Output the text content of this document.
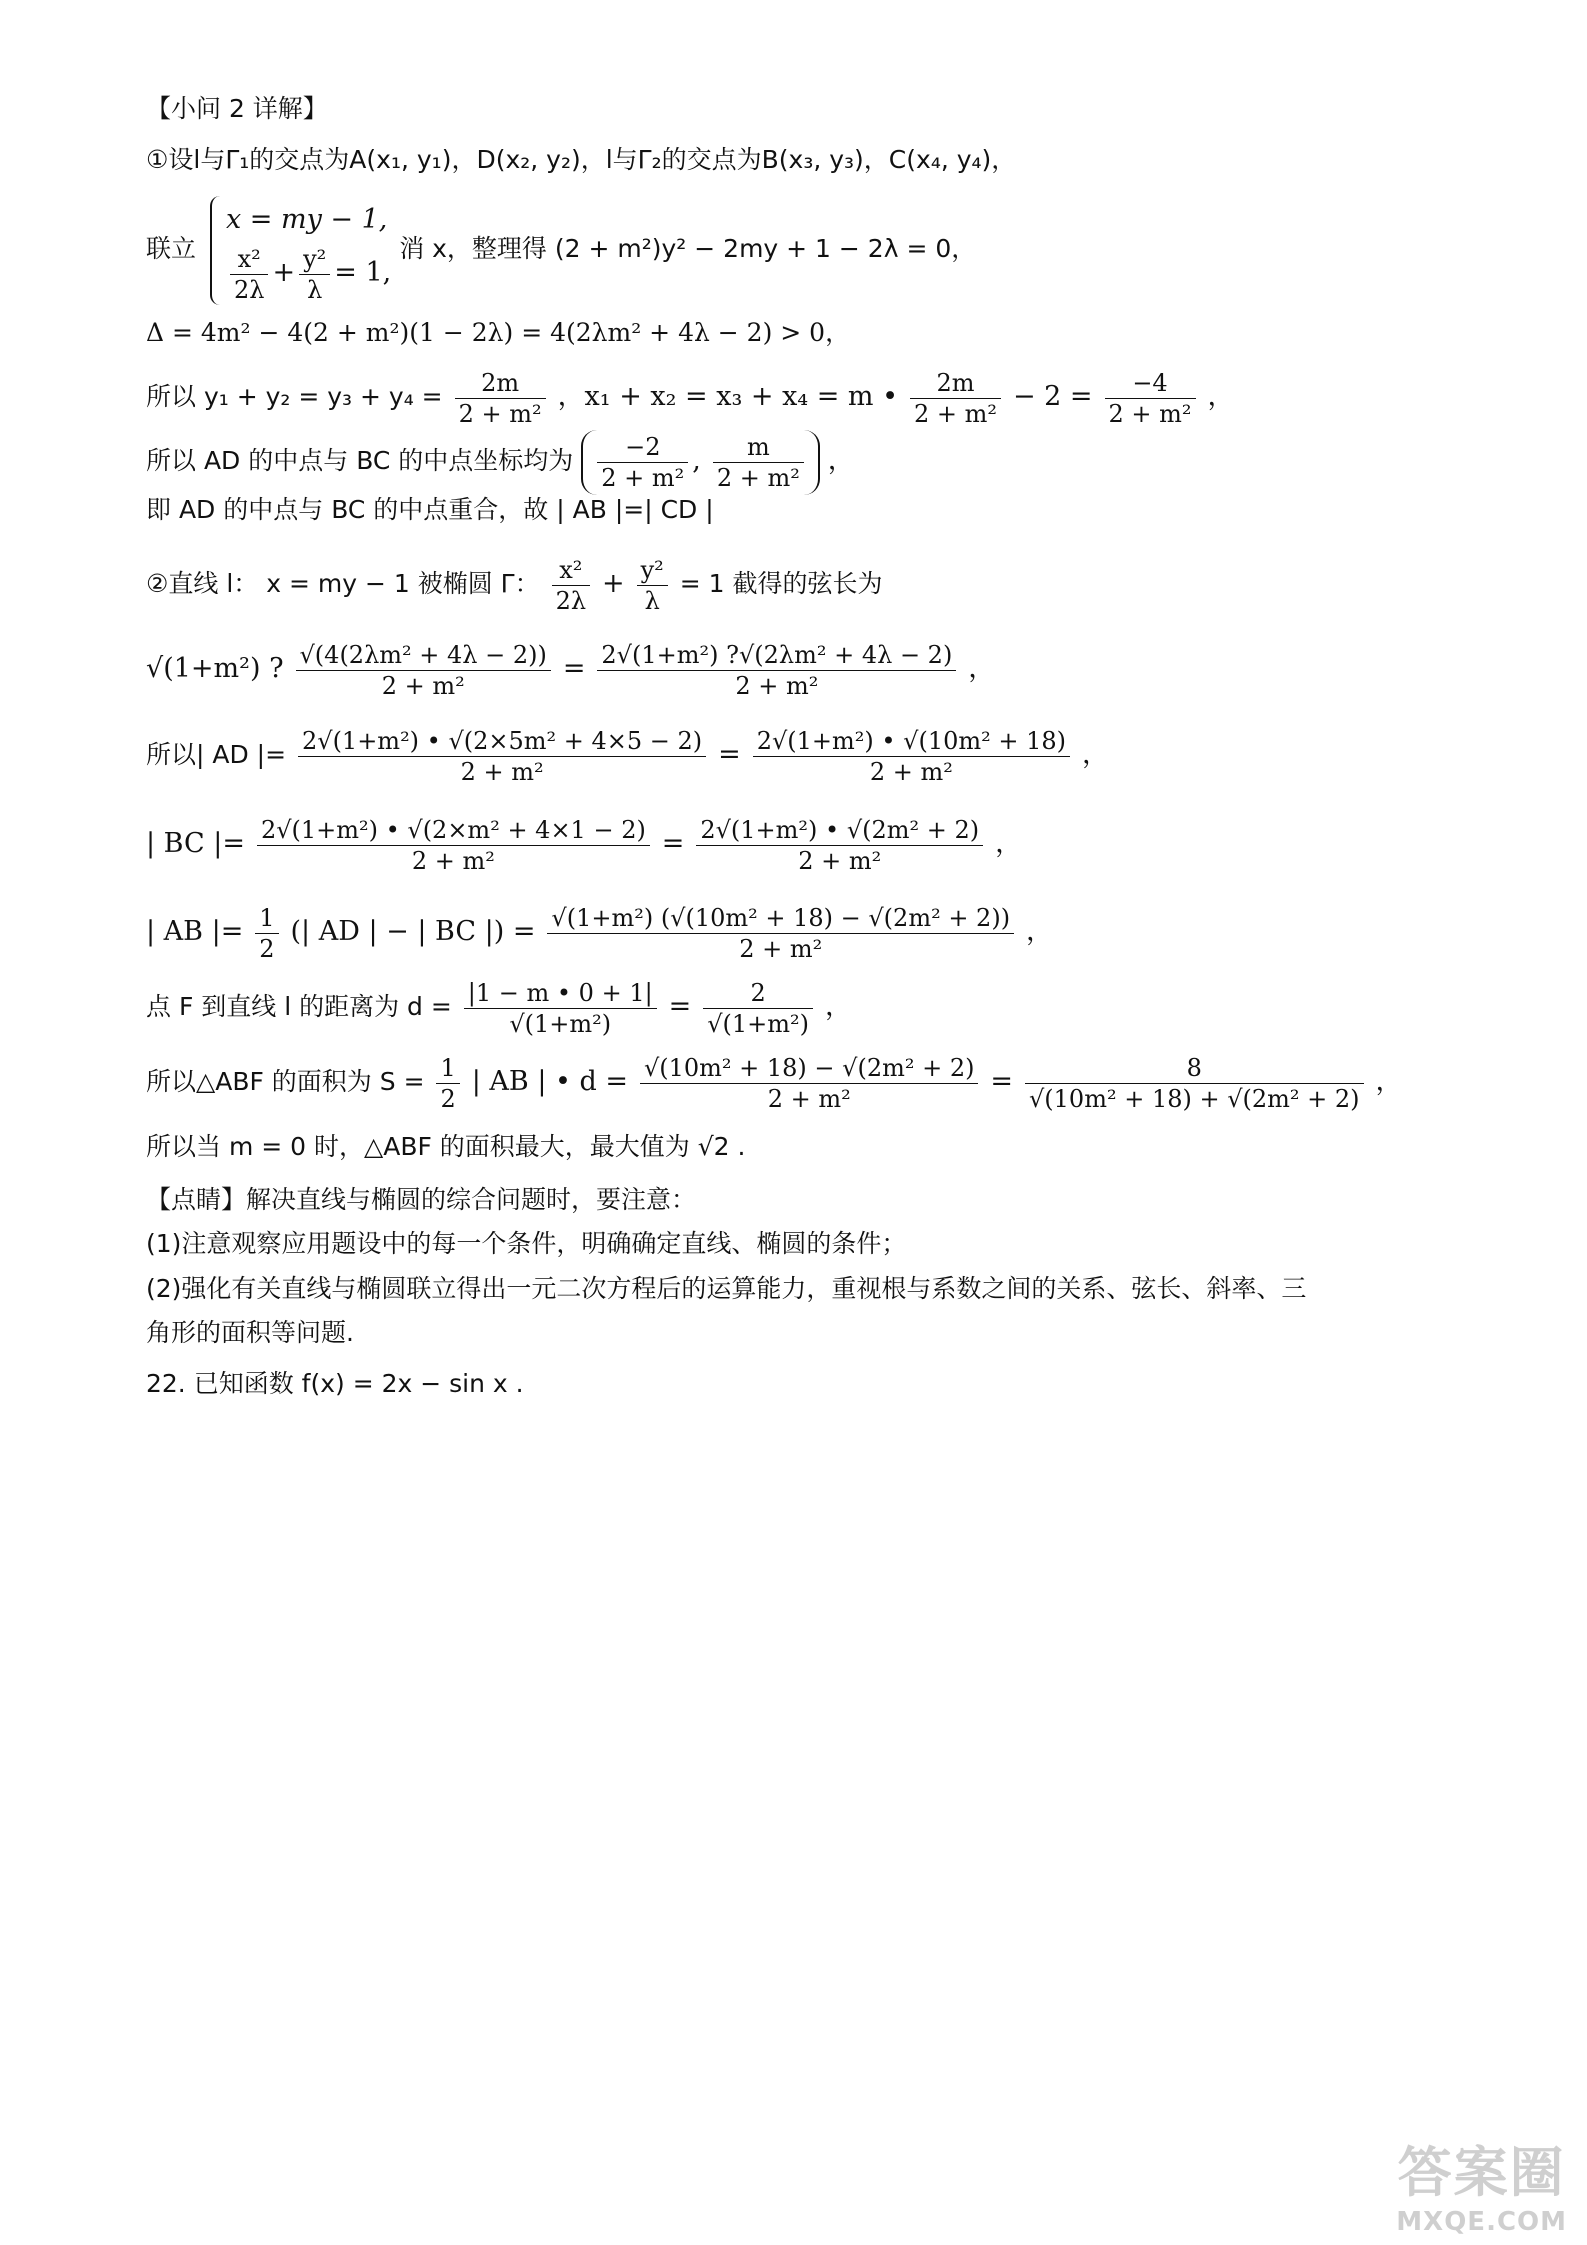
【小问 2 详解】
①设l与Γ₁的交点为A(x₁, y₁)，D(x₂, y₂)，l与Γ₂的交点为B(x₃, y₃)，C(x₄, y₄)，
联立
x = my − 1,
$\frac{\text{x²}}{2\lambda} + \frac{\text{y²}}{\lambda} = 1$,
消 x，整理得 (2 + m²)y² − 2my + 1 − 2λ = 0，
Δ = 4m² − 4(2 + m²)(1 − 2λ) = 4(2λm² + 4λ − 2) > 0，
所以 $y_1 + y_2 = y_3 + y_4 = \frac{2m}{\text{2 + m²}}$ ，x₁ + x₂ = x₃ + x₄ = m • $\frac{2m}{\text{2 + m²}} - 2 = \frac{-4}{\text{2 + m²}}$ ，
所以 AD 的中点与 BC 的中点坐标均为 $\frac{-2}{\text{2 + m²}}$ , $\frac{m}{\text{2 + m²}}$ ，
即 AD 的中点与 BC 的中点重合，故 | AB |=| CD |
②直线 l： x = my − 1 被椭圆 Γ： $\frac{\text{x²}}{2\lambda} + \frac{\text{y²}}{\lambda} = 1$ 截得的弦长为
√(1+m²) ? $\frac{\text{√(4(2λm² + 4λ − 2))}}{\text{2 + m²}} = \frac{\text{2√(1+m²) ?√(2λm² + 4λ − 2)}}{\text{2 + m²}}$ ，
所以| AD |= $\frac{\text{2√(1+m²) • √(2×5m² + 4×5 − 2)}}{\text{2 + m²}} = \frac{\text{2√(1+m²) • √(10m² + 18)}}{\text{2 + m²}}$ ，
| BC |= $\frac{\text{2√(1+m²) • √(2×m² + 4×1 − 2)}}{\text{2 + m²}} = \frac{\text{2√(1+m²) • √(2m² + 2)}}{\text{2 + m²}}$ ，
| AB |= $\frac{1}{2}$ (| AD | − | BC |) = $\frac{\text{√(1+m²) (√(10m² + 18) − √(2m² + 2))}}{\text{2 + m²}}$ ，
点 F 到直线 l 的距离为 $d = \frac{|1 - m • 0 + 1|}{\text{√(1+m²)}} = \frac{2}{\text{√(1+m²)}}$ ，
所以△ABF 的面积为 $S = \frac{1}{2}$ | AB | • $d = \frac{\text{√(10m² + 18) − √(2m² + 2)}}{\text{2 + m²}} = \frac{8}{\text{√(10m² + 18) + √(2m² + 2)}}$ ，
所以当 m = 0 时，△ABF 的面积最大，最大值为 √2 .
【点睛】解决直线与椭圆的综合问题时，要注意：
(1)注意观察应用题设中的每一个条件，明确确定直线、椭圆的条件；
(2)强化有关直线与椭圆联立得出一元二次方程后的运算能力，重视根与系数之间的关系、弦长、斜率、三
角形的面积等问题.
22. 已知函数 f(x) = 2x − sin x .
答案圈
MXQE.COM
